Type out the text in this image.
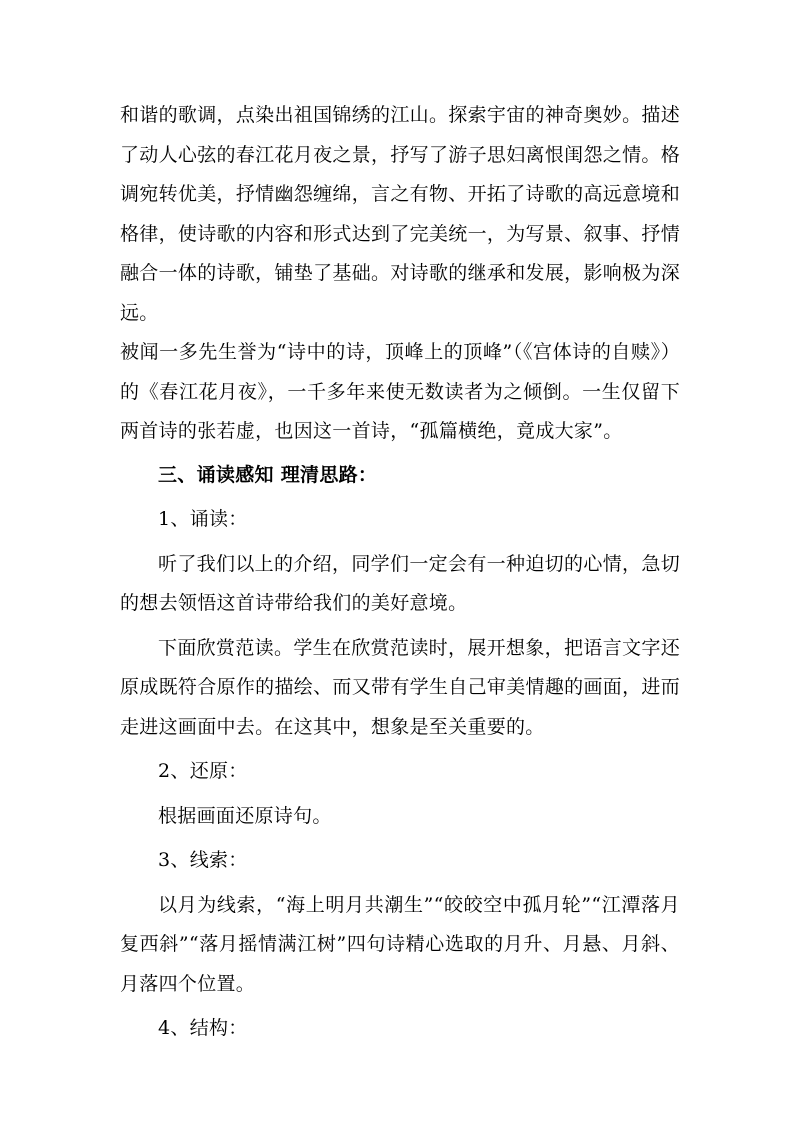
和谐的歌调，点染出祖国锦绣的江山。探索宇宙的神奇奥妙。描述了动人心弦的春江花月夜之景，抒写了游子思妇离恨闺怨之情。格调宛转优美，抒情幽怨缠绵，言之有物、开拓了诗歌的高远意境和格律，使诗歌的内容和形式达到了完美统一，为写景、叙事、抒情融合一体的诗歌，铺垫了基础。对诗歌的继承和发展，影响极为深远。

被闻一多先生誉为“诗中的诗，顶峰上的顶峰”（《宫体诗的自赎》）的《春江花月夜》，一千多年来使无数读者为之倾倒。一生仅留下两首诗的张若虚，也因这一首诗，“孤篇横绝，竟成大家”。

三、诵读感知 理清思路：

1、诵读：

听了我们以上的介绍，同学们一定会有一种迫切的心情，急切的想去领悟这首诗带给我们的美好意境。

下面欣赏范读。学生在欣赏范读时，展开想象，把语言文字还原成既符合原作的描绘、而又带有学生自己审美情趣的画面，进而走进这画面中去。在这其中，想象是至关重要的。

2、还原：

根据画面还原诗句。

3、线索：

以月为线索，“海上明月共潮生”“皎皎空中孤月轮”“江潭落月复西斜”“落月摇情满江树”四句诗精心选取的月升、月悬、月斜、月落四个位置。

4、结构：
